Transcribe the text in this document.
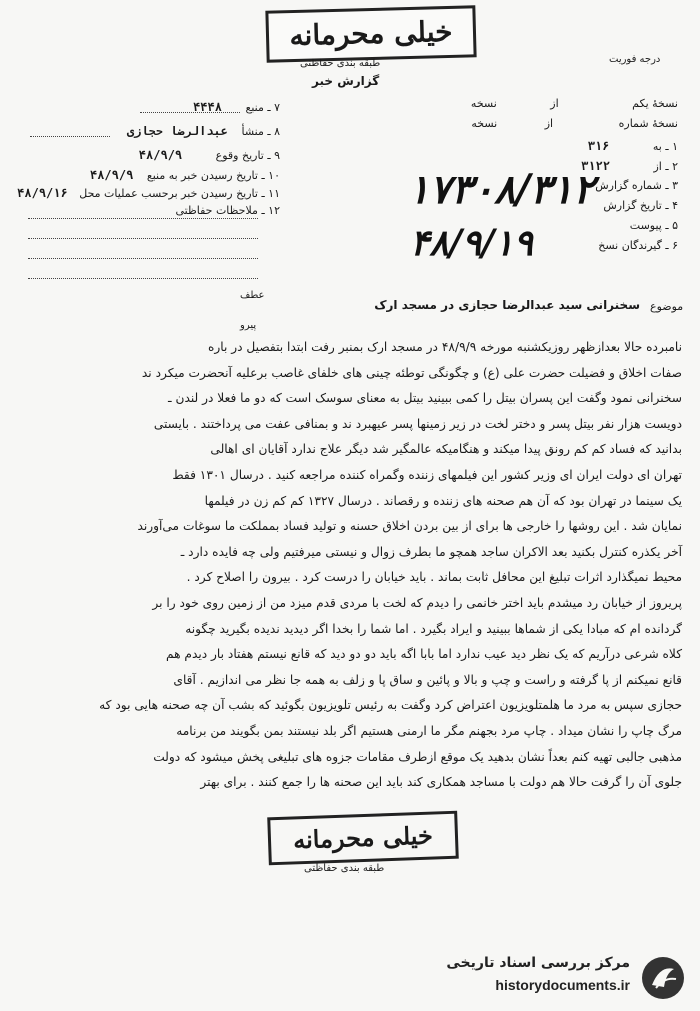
خیلی محرمانه
طبقه بندی حفاظتی	درجه فوریت
گزارش خبر
۷ ـ منبع ۴۴۴۸
۸ ـ منشأ عبدالرضا حجازی
۹ ـ تاریخ وقوع ۴۸/۹/۹
۱۰ ـ تاریخ رسیدن خبر به منبع ۴۸/۹/۹
۱۱ ـ تاریخ رسیدن خبر برحسب عملیات محل ۴۸/۹/۱۶
۱۲ ـ ملاحظات حفاظتی
نسخهٔ یکم از نسخه
نسخهٔ شماره از نسخه
۱ ـ به ۳۱۶
۲ ـ از ۳۱۲۲
۳ ـ شماره گزارش
۴ ـ تاریخ گزارش
۵ ـ پیوست
۶ ـ گیرندگان نسخ
۱۷۳۰۸/۳۱۲
۴۸/۹/۱۹
عطف
پیرو
موضوع
سخنرانی سید عبدالرضا حجازی در مسجد ارک

نامبرده حالا بعدازظهر روزیکشنبه مورخه ۴۸/۹/۹ در مسجد ارک بمنبر رفت ابتدا بتفصیل در باره

صفات اخلاق و فضیلت حضرت علی (ع) و چگونگی توطئه چینی های خلفای غاصب برعلیه آنحضرت میکرد ند

سخنرانی نمود وگفت این پسران بیتل را کمی ببینید بیتل به معنای سوسک است که دو ما فعلا در لندن ـ

دویست هزار نفر بیتل پسر و دختر لخت در زیر زمینها پسر عیهبرد ند و بمنافی عفت می پرداختند . بایستی

بدانید که فساد کم کم رونق پیدا میکند و هنگامیکه عالمگیر شد دیگر علاج ندارد آقایان ای اهالی

تهران ای دولت ایران ای وزیر کشور این فیلمهای زننده وگمراه کننده مراجعه کنید . درسال ۱۳۰۱ فقط

یک سینما در تهران بود که آن هم صحنه های زننده و رقصاند . درسال ۱۳۲۷ کم کم زن در فیلمها

نمایان شد . این روشها را خارجی ها برای از بین بردن اخلاق حسنه و تولید فساد بمملکت ما سوغات می‌آورند

آخر یکذره کنترل بکنید بعد الاکران ساجد همچو ما بطرف زوال و نیستی میرفتیم ولی چه فایده دارد ـ

محیط نمیگذارد اثرات تبلیغ این محافل ثابت بماند . باید خیابان را درست کرد . بیرون را اصلاح کرد .

پریروز از خیابان رد میشدم باید اختر خانمی را دیدم که لخت با مردی قدم میزد من از زمین روی خود را بر

گردانده ام که مبادا یکی از شماها ببینید و ایراد بگیرد . اما شما را بخدا اگر دیدید ندیده بگیرید چگونه

کلاه شرعی درآریم که یک نظر دید عیب ندارد اما بابا اگه باید دو دو دید که قانع نیستم هفتاد بار دیدم هم

قانع نمیکنم از پا گرفته و راست و چپ و بالا و پائین و ساق پا و زلف به همه جا نظر می اندازیم . آقای

حجازی سپس به مرد ما هلمتلویزیون اعتراض کرد وگفت به رئیس تلویزیون بگوئید که بشب آن چه صحنه هایی بود که

مرگ چاپ را نشان میداد . چاپ مرد بجهنم مگر ما ارمنی هستیم اگر بلد نیستند بمن بگویند من برنامه

مذهبی جالبی تهیه کنم بعداً نشان بدهید یک موقع ازطرف مقامات جزوه های تبلیغی پخش میشود که دولت

جلوی آن را گرفت حالا هم دولت با مساجد همکاری کند باید این صحنه ها را جمع کنند . برای بهتر

خیلی محرمانه
طبقه بندی حفاظتی
مرکز بررسی اسناد تاریخی
historydocuments.ir
